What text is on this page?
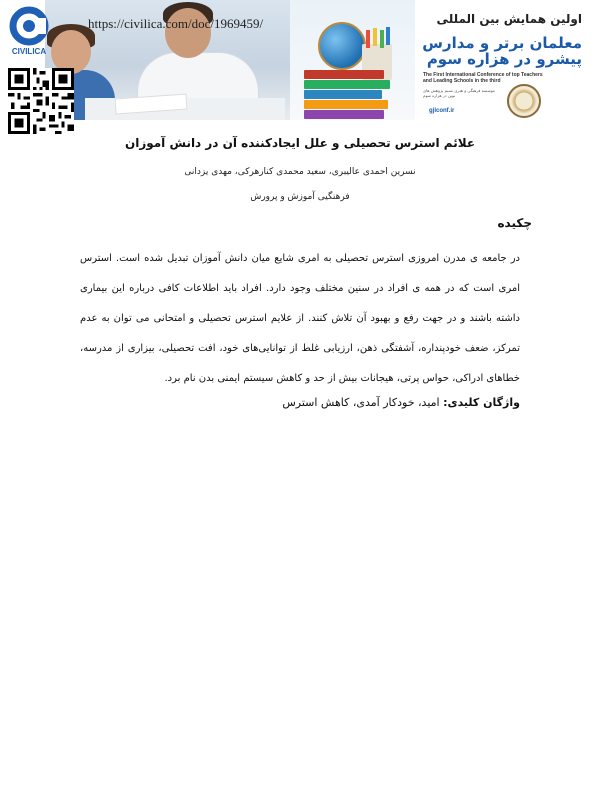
اولین همایش بین المللی
معلمان برتر و مدارس
پیشرو در هزاره سوم
The First International Conference of top Teachers and Leading Schools in the third
موسسه فرهنگی و هنری نسیم پژوهش های نوین در هزاره سوم
gjlconf.ir
CIVILICA
https://civilica.com/doc/1969459/
علائم استرس تحصیلی و علل ایجادکننده آن در دانش آموزان
نسرین احمدی عالیبری، سعید محمدی کنارهرکی، مهدی یزدانی
فرهنگیی آموزش و پرورش
چکیده
در جامعه ی مدرن امروزی استرس تحصیلی به امری شایع میان دانش آموزان تبدیل شده است. استرس امری است که در همه ی افراد در سنین مختلف وجود دارد. افراد باید اطلاعات کافی درباره این بیماری داشته باشند و در جهت رفع و بهبود آن تلاش کنند. از علایم استرس تحصیلی و امتحانی می توان به عدم تمرکز، ضعف خودپنداره، آشفتگی ذهن، ارزیابی غلط از توانایی‌های خود، افت تحصیلی، بیزاری از مدرسه، خطاهای ادراکی، حواس پرتی، هیجانات بیش از حد و کاهش سیستم ایمنی بدن نام برد.
واژگان کلیدی: امید، خودکار آمدی، کاهش استرس
